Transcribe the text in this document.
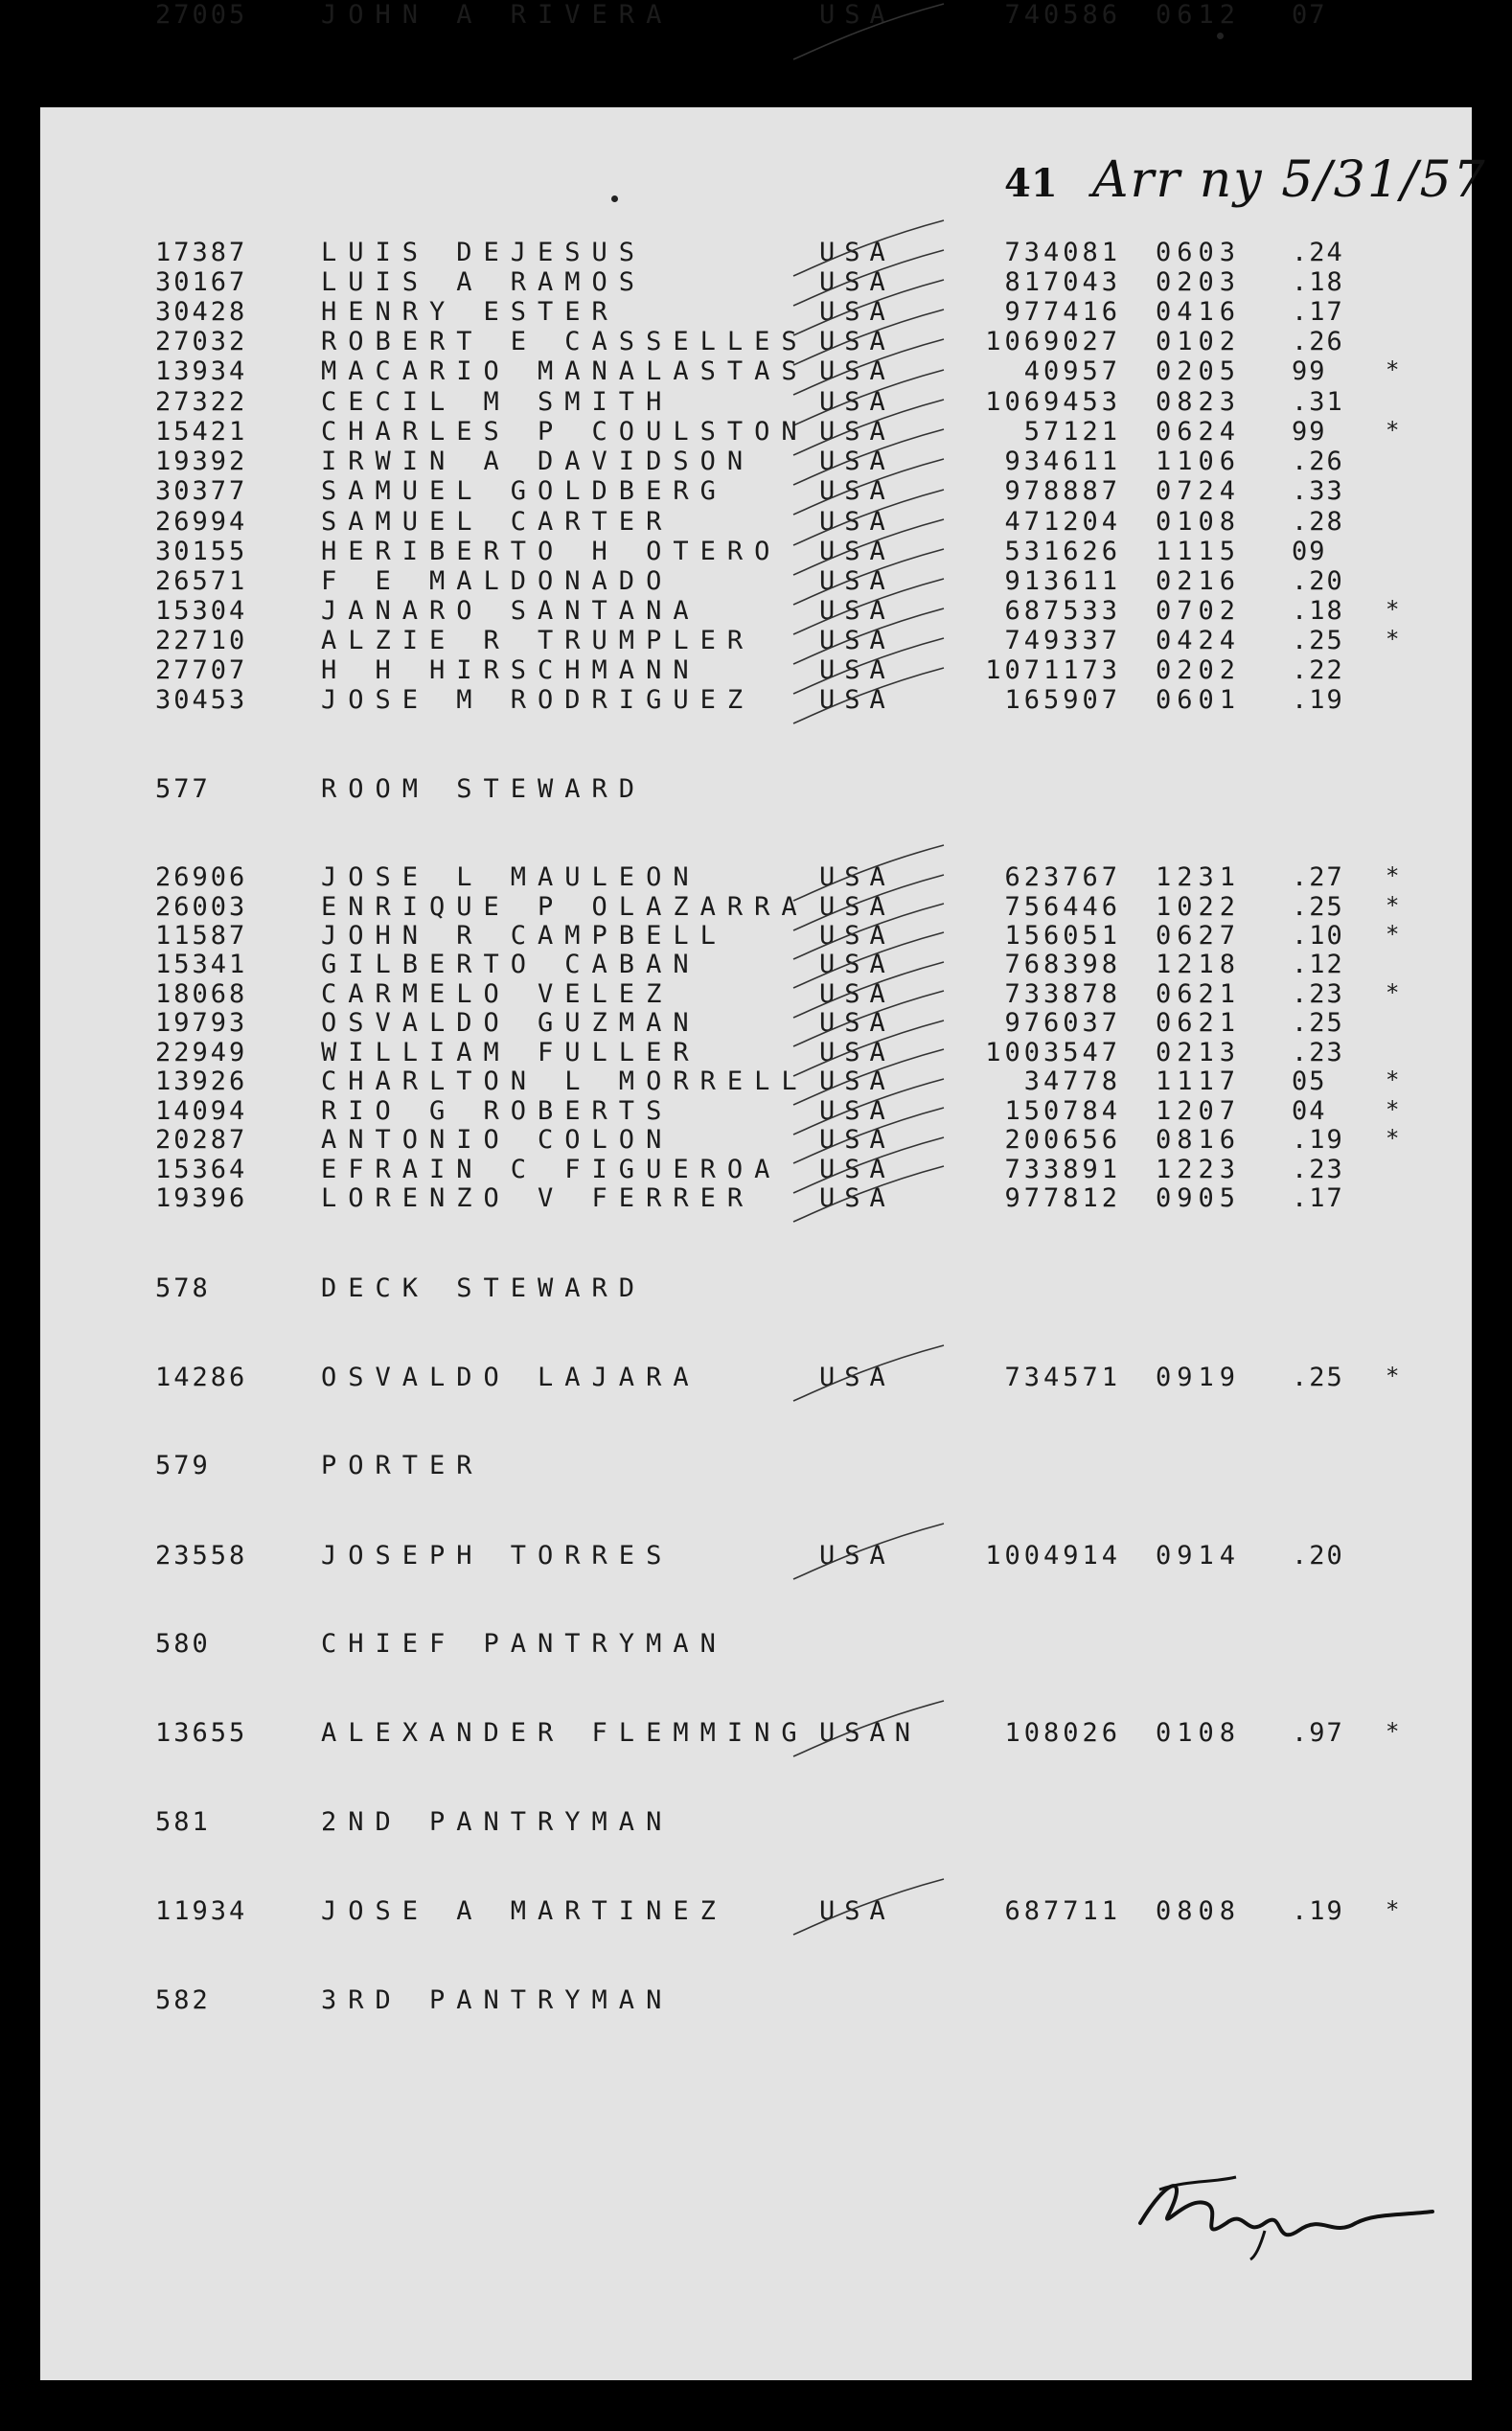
41 Arr ny 5/31/57
17387	LUIS DEJESUS	USA	734081 0603 .24
30167	LUIS A RAMOS	USA	817043 0203 .18
30428	HENRY ESTER	USA	977416 0416 .17
27032	ROBERT E CASSELLES USA	1069027 0102 .26
13934	MACARIO MANALASTAS USA	40957 0205 99	*
27322	CECIL M SMITH	USA	1069453 0823 .31
15421	CHARLES P COULSTON USA	57121 0624 99	*
19392	IRWIN A DAVIDSON	USA	934611 1106 .26
30377	SAMUEL GOLDBERG	USA	978887 0724 .33
26994	SAMUEL CARTER	USA	471204 0108 .28
30155	HERIBERTO H OTERO USA	531626 1115 09
26571	F E MALDONADO	USA	913611 0216 .20
15304	JANARO SANTANA	USA	687533 0702 .18 *
22710	ALZIE R TRUMPLER	USA	749337 0424 .25 *
27707	H H HIRSCHMANN	USA	1071173 0202 .22
30453	JOSE M RODRIGUEZ	USA	165907 0601 .19
577	ROOM STEWARD
26906	JOSE L MAULEON	USA	623767 1231 .27 *
26003	ENRIQUE P OLAZARRA USA	756446 1022 .25 *
11587	JOHN R CAMPBELL	USA	156051 0627 .10 *
15341	GILBERTO CABAN	USA	768398 1218 .12
18068	CARMELO VELEZ	USA	733878 0621 .23 *
19793	OSVALDO GUZMAN	USA	976037 0621 .25
22949	WILLIAM FULLER	USA	1003547 0213 .23
13926	CHARLTON L MORRELL USA	34778 1117 05	*
14094	RIO G ROBERTS	USA	150784 1207 04	*
20287	ANTONIO COLON	USA	200656 0816 .19 *
15364	EFRAIN C FIGUEROA USA	733891 1223 .23
19396	LORENZO V FERRER	USA	977812 0905 .17
578	DECK STEWARD
14286	OSVALDO LAJARA	USA	734571 0919 .25 *
579	PORTER
23558	JOSEPH TORRES	USA	1004914 0914 .20
580	CHIEF PANTRYMAN
13655	ALEXANDER FLEMMING USAN	108026 0108 .97 *
581	2ND PANTRYMAN
11934	JOSE A MARTINEZ	USA	687711 0808 .19 *
582	3RD PANTRYMAN
27005	JOHN A RIVERA	USA	740586 0612 07
